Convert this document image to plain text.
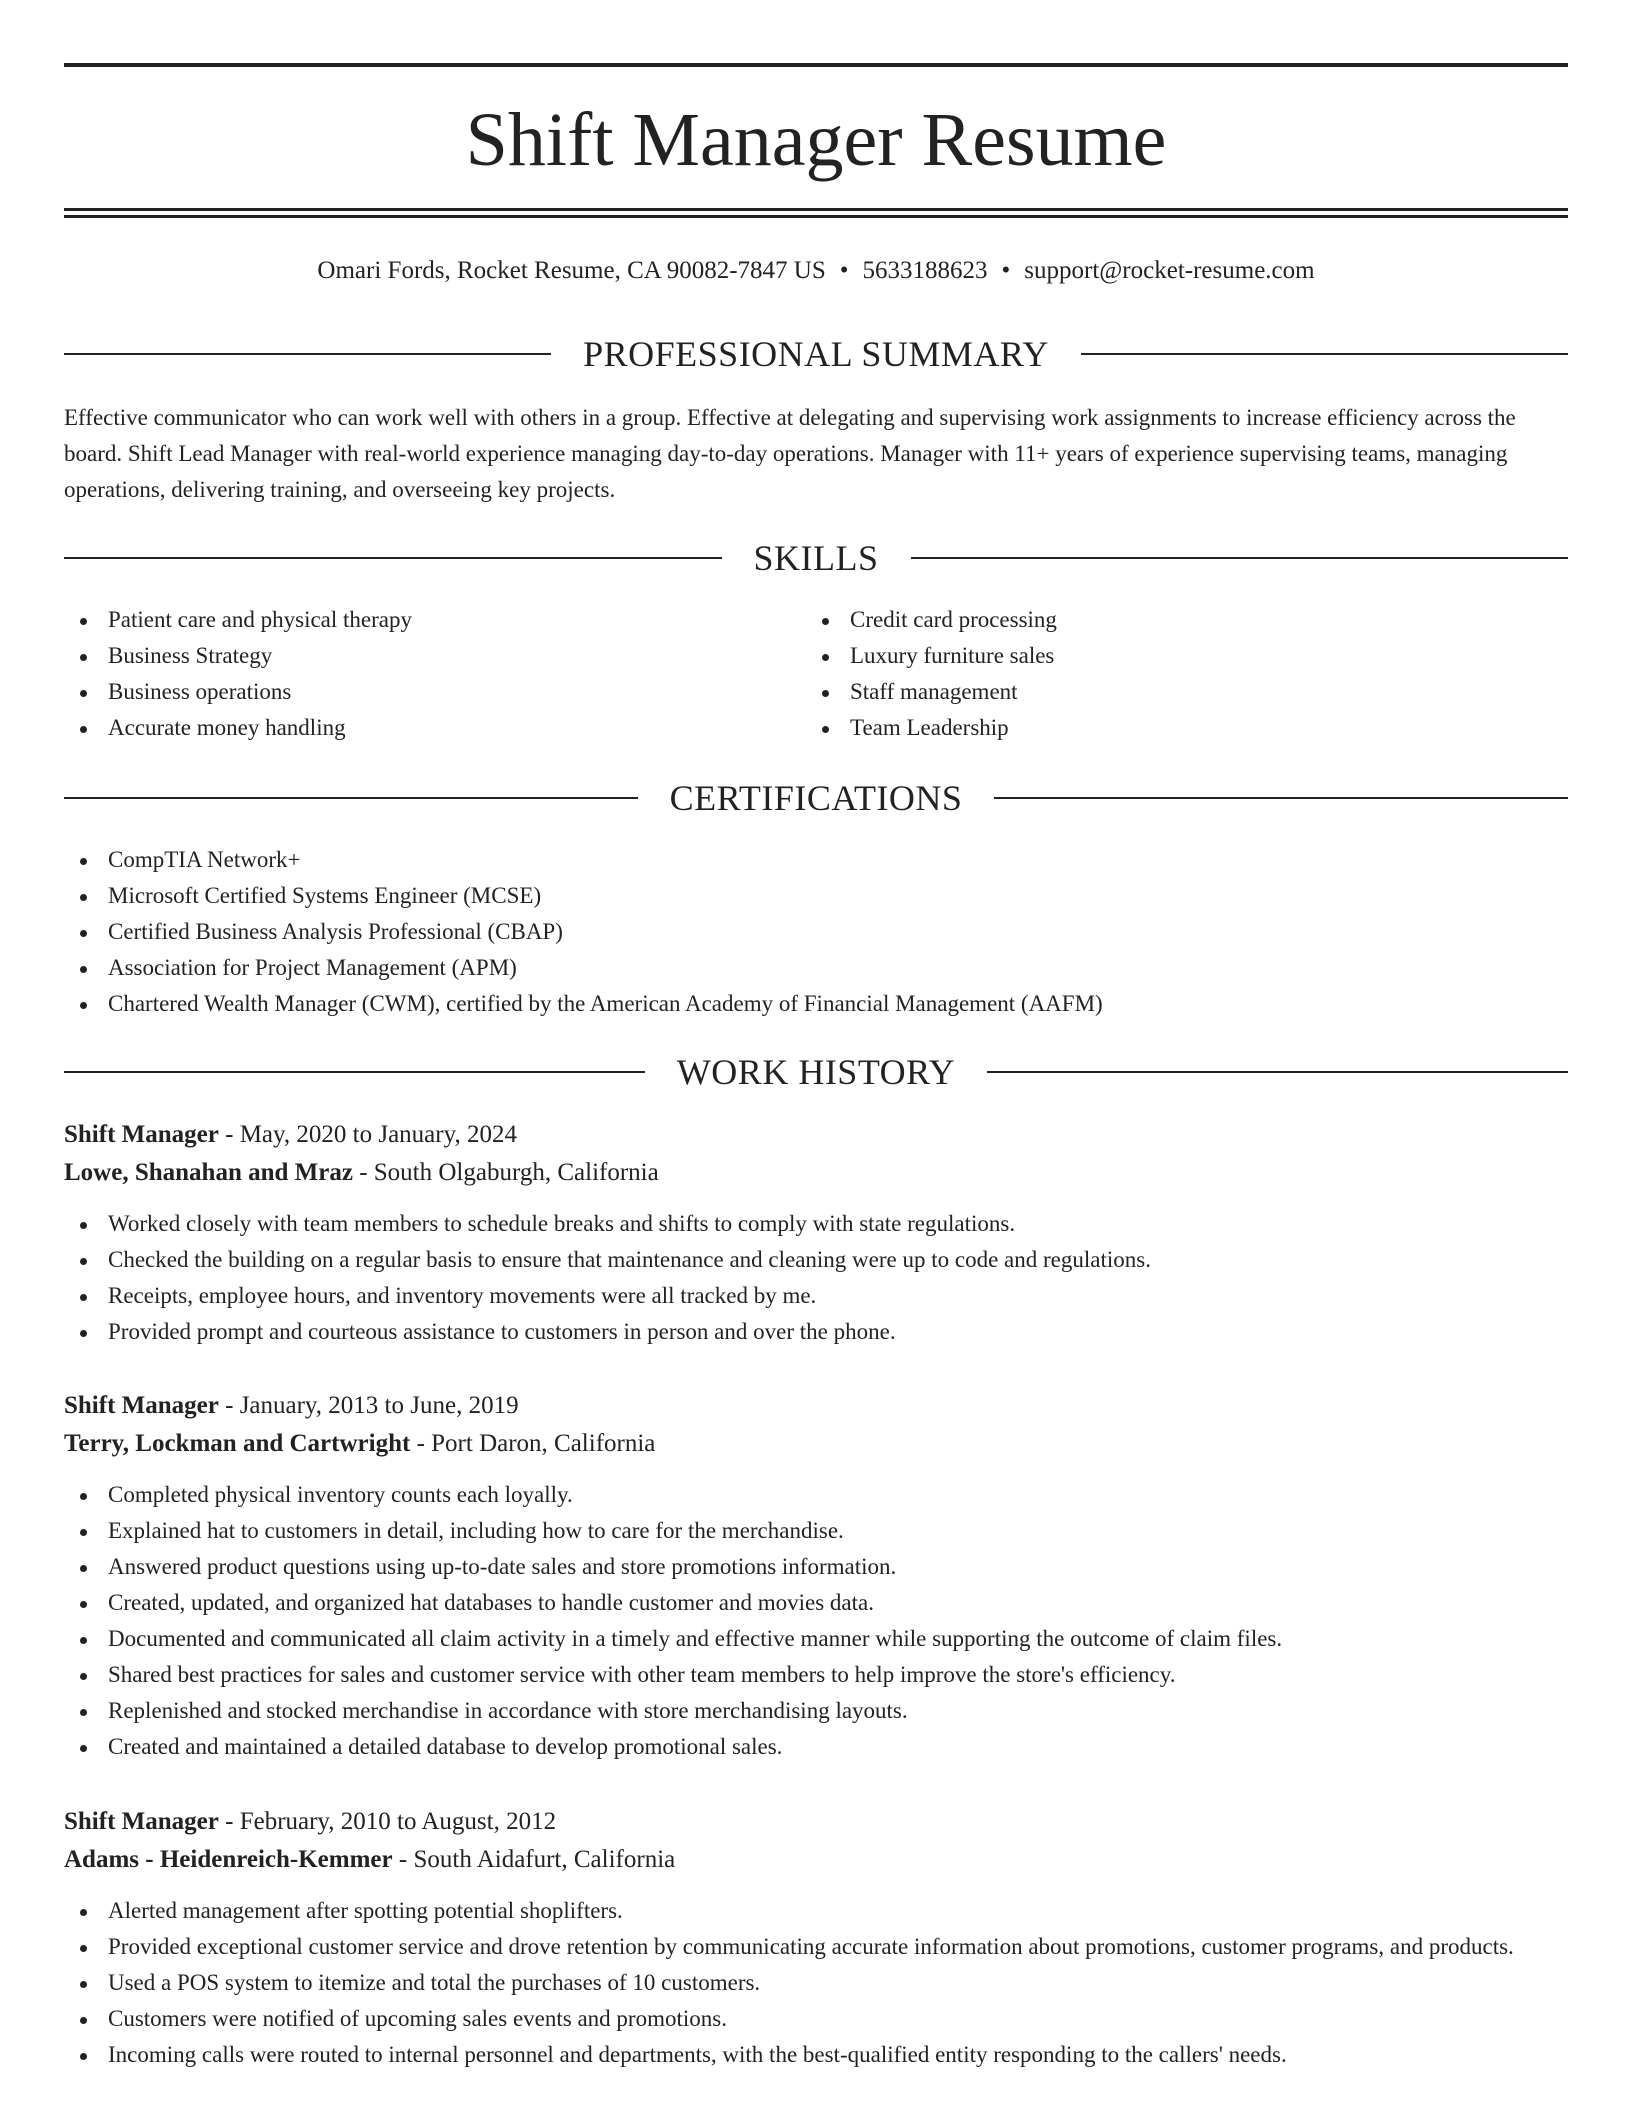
Shift Manager Resume
Omari Fords, Rocket Resume, CA 90082-7847 US • 5633188623 • support@rocket-resume.com
PROFESSIONAL SUMMARY

Effective communicator who can work well with others in a group. Effective at delegating and supervising work assignments to increase efficiency across the board. Shift Lead Manager with real-world experience managing day-to-day operations. Manager with 11+ years of experience supervising teams, managing operations, delivering training, and overseeing key projects.

SKILLS
Patient care and physical therapy
Business Strategy
Business operations
Accurate money handling
Credit card processing
Luxury furniture sales
Staff management
Team Leadership
CERTIFICATIONS
CompTIA Network+
Microsoft Certified Systems Engineer (MCSE)
Certified Business Analysis Professional (CBAP)
Association for Project Management (APM)
Chartered Wealth Manager (CWM), certified by the American Academy of Financial Management (AAFM)
WORK HISTORY
Shift Manager - May, 2020 to January, 2024
Lowe, Shanahan and Mraz - South Olgaburgh, California
Worked closely with team members to schedule breaks and shifts to comply with state regulations.
Checked the building on a regular basis to ensure that maintenance and cleaning were up to code and regulations.
Receipts, employee hours, and inventory movements were all tracked by me.
Provided prompt and courteous assistance to customers in person and over the phone.
Shift Manager - January, 2013 to June, 2019
Terry, Lockman and Cartwright - Port Daron, California
Completed physical inventory counts each loyally.
Explained hat to customers in detail, including how to care for the merchandise.
Answered product questions using up-to-date sales and store promotions information.
Created, updated, and organized hat databases to handle customer and movies data.
Documented and communicated all claim activity in a timely and effective manner while supporting the outcome of claim files.
Shared best practices for sales and customer service with other team members to help improve the store's efficiency.
Replenished and stocked merchandise in accordance with store merchandising layouts.
Created and maintained a detailed database to develop promotional sales.
Shift Manager - February, 2010 to August, 2012
Adams - Heidenreich-Kemmer - South Aidafurt, California
Alerted management after spotting potential shoplifters.
Provided exceptional customer service and drove retention by communicating accurate information about promotions, customer programs, and products.
Used a POS system to itemize and total the purchases of 10 customers.
Customers were notified of upcoming sales events and promotions.
Incoming calls were routed to internal personnel and departments, with the best-qualified entity responding to the callers' needs.
